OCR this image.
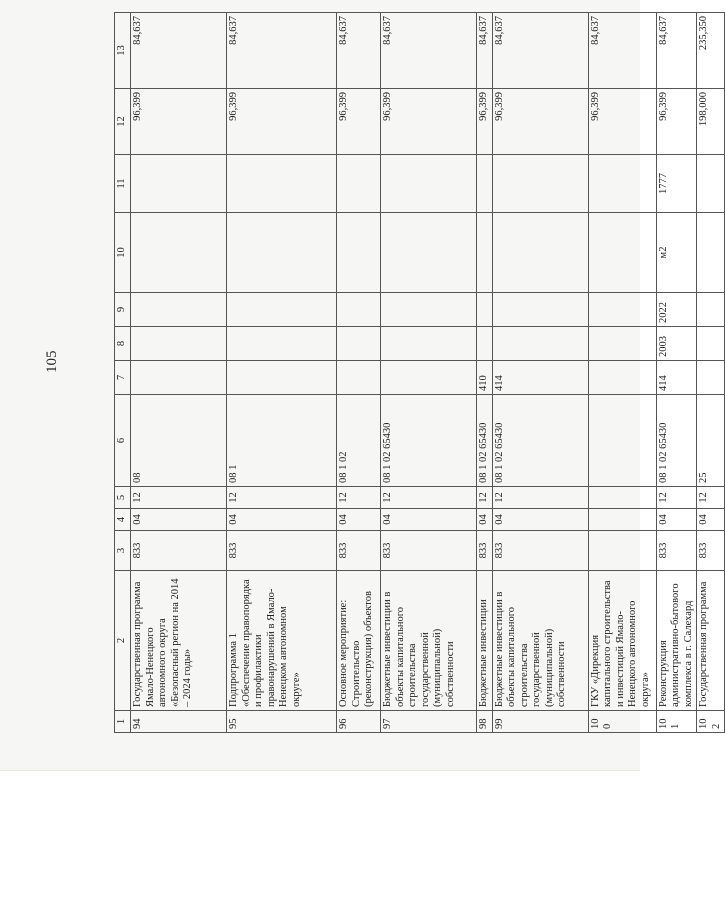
105
1	2	3	4	5	6	7	8	9	10	11	12	13
94	Государственная программа Ямало-Ненецкого автономного округа «Безопасный регион на 2014 – 2024 годы»	833	04	12	08						96,399	84,637
95	Подпрограмма 1 «Обеспечение правопорядка и профилактики правонарушений в Ямало-Ненецком автономном округе»	833	04	12	08 1						96,399	84,637
96	Основное мероприятие: Строительство (реконструкция) объектов	833	04	12	08 1 02						96,399	84,637
97	Бюджетные инвестиции в объекты капитального строительства государственной (муниципальной) собственности	833	04	12	08 1 02 65430						96,399	84,637
98	Бюджетные инвестиции	833	04	12	08 1 02 65430	410					96,399	84,637
99	Бюджетные инвестиции в объекты капитального строительства государственной (муниципальной) собственности	833	04	12	08 1 02 65430	414					96,399	84,637
100	ГКУ «Дирекция капитального строительства и инвестиций Ямало-Ненецкого автономного округа»										96,399	84,637
101	Реконструкция административно-бытового комплекса в г. Салехард	833	04	12	08 1 02 65430	414	2003	2022	м2	1777	96,399	84,637
102	Государственная программа	833	04	12	25						198,000	235,350
